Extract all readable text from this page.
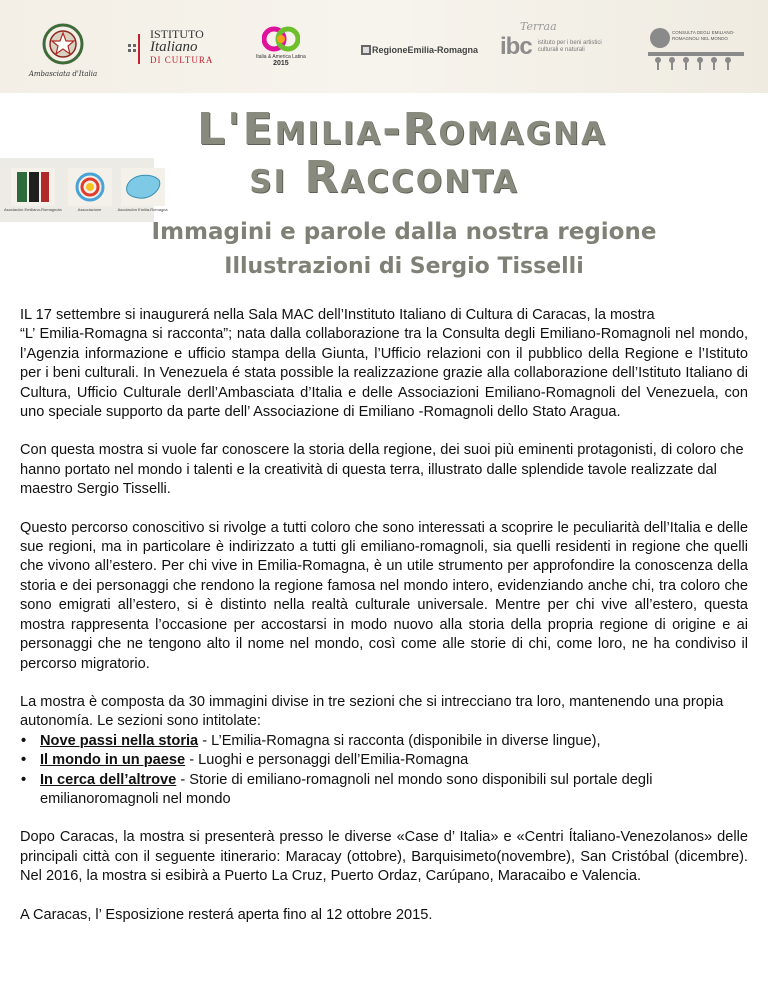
Ambasciata d'Italia
ISTITUTO
Italiano
DI CULTURA	Italia & America Latina
2015
RegioneEmilia-Romagna
Terraa
ibc istituto per i beni artistici
culturali e naturali
CONSULTA DEGLI EMILIANO-ROMAGNOLI NEL MONDO
L'Emilia-Romagna
si Racconta
Asociación Emiliano-Romagnola	Associazione	Asociación Emilia-Romagna
Immagini e parole dalla nostra regione
Illustrazioni di Sergio Tisselli

IL 17 settembre si inaugurerá nella Sala MAC dell’Instituto Italiano di Cultura di Caracas, la mostra
“L’ Emilia-Romagna si racconta”; nata dalla collaborazione tra la Consulta degli Emiliano-Romagnoli nel mondo, l’Agenzia informazione e ufficio stampa della Giunta, l’Ufficio relazioni con il pubblico della Regione e l’Istituto per i beni culturali. In Venezuela é stata possible la realizzazione grazie alla collaborazione dell’Istituto Italiano di Cultura, Ufficio Culturale derll’Ambasciata d’Italia e delle Associazioni Emiliano-Romagnoli del Venezuela, con uno speciale supporto da parte dell’ Associazione di Emiliano -Romagnoli dello Stato Aragua.

Con questa mostra si vuole far conoscere la storia della regione, dei suoi più eminenti protagonisti, di coloro che hanno portato nel mondo i talenti e la creatività di questa terra, illustrato dalle splendide tavole realizzate dal maestro Sergio Tisselli.

Questo percorso conoscitivo si rivolge a tutti coloro che sono interessati a scoprire le peculiarità dell’Italia e delle sue regioni, ma in particolare è indirizzato a tutti gli emiliano-romagnoli, sia quelli residenti in regione che quelli che vivono all’estero. Per chi vive in Emilia-Romagna, è un utile strumento per approfondire la conoscenza della storia e dei personaggi che rendono la regione famosa nel mondo intero, evidenziando anche chi, tra coloro che sono emigrati all’estero, si è distinto nella realtà culturale universale. Mentre per chi vive all’estero, questa mostra rappresenta l’occasione per accostarsi in modo nuovo alla storia della propria regione di origine e ai personaggi che ne tengono alto il nome nel mondo, così come alle storie di chi, come loro, ne ha condiviso il percorso migratorio.

La mostra è composta da 30 immagini divise in tre sezioni che si intrecciano tra loro, mantenendo una propia autonomía. Le sezioni sono intitolate:
• Nove passi nella storia - L’Emilia-Romagna si racconta (disponibile in diverse lingue),
• Il mondo in un paese - Luoghi e personaggi dell’Emilia-Romagna
• In cerca dell’altrove - Storie di emiliano-romagnoli nel mondo sono disponibili sul portale degli emilianoromagnoli nel mondo

Dopo Caracas, la mostra si presenterà presso le diverse «Case d’ Italia» e «Centri Ítaliano-Venezolanos» delle principali città con il seguente itinerario: Maracay (ottobre), Barquisimeto(novembre), San Cristóbal (dicembre). Nel 2016, la mostra si esibirà a Puerto La Cruz, Puerto Ordaz, Carúpano, Maracaibo e Valencia.

A Caracas, l’ Esposizione resterá aperta fino al 12 ottobre 2015.
